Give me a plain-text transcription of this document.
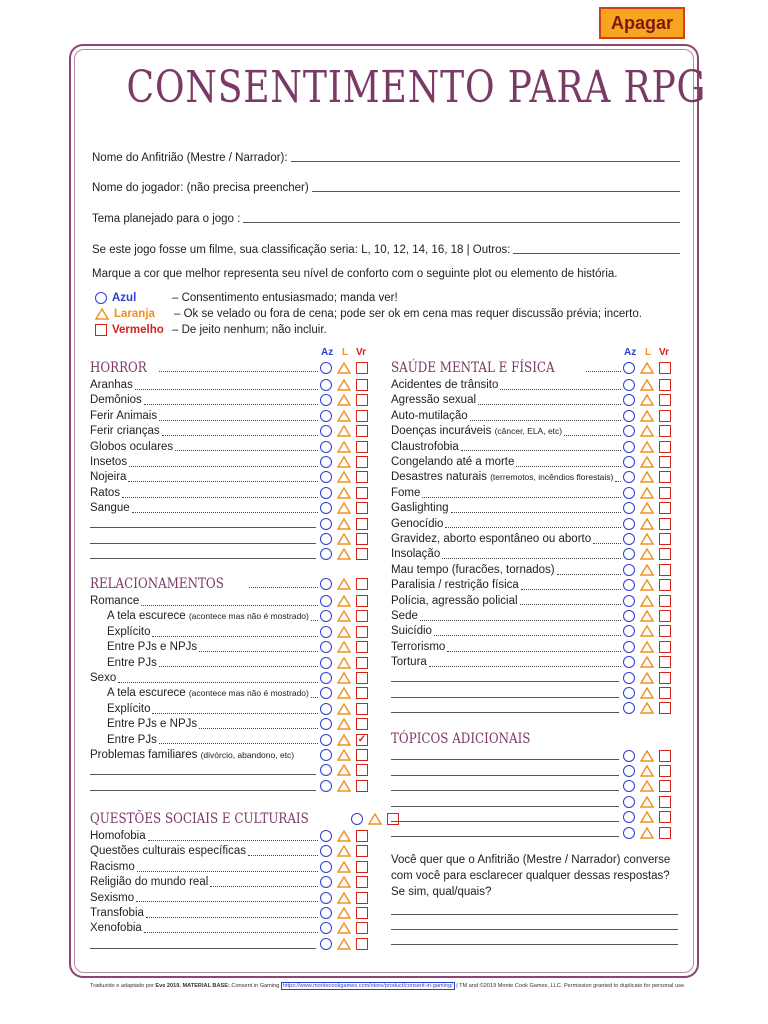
Apagar
CONSENTIMENTO PARA RPG
Nome do Anfitrião (Mestre / Narrador):
Nome do jogador: (não precisa preencher)
Tema planejado para o jogo :
Se este jogo fosse um filme, sua classificação seria: L, 10, 12, 14, 16, 18 | Outros:
Marque a cor que melhor representa seu nível de conforto com o seguinte plot ou elemento de história.
Azul	– Consentimento entusiasmado; manda ver!
Laranja	– Ok se velado ou fora de cena; pode ser ok em cena mas requer discussão prévia; incerto.
Vermelho – De jeito nenhum; não incluir.
Az L Vr
HORROR
Aranhas
Demônios
Ferir Animais
Ferir crianças
Globos oculares
Insetos
Nojeira
Ratos
Sangue
RELACIONAMENTOS
Romance
A tela escurece (acontece mas não é mostrado)
Explícito
Entre PJs e NPJs
Entre PJs
Sexo
A tela escurece (acontece mas não é mostrado)
Explícito
Entre PJs e NPJs
Entre PJs
✓
Problemas familiares (divórcio, abandono, etc)
QUESTÕES SOCIAIS E CULTURAIS
Homofobia
Questões culturais específicas
Racismo
Religião do mundo real
Sexismo
Transfobia
Xenofobia
Az L Vr
SAÚDE MENTAL E FÍSICA
Acidentes de trânsito
Agressão sexual
Auto-mutilação
Doenças incuráveis (câncer, ELA, etc)
Claustrofobia
Congelando até a morte
Desastres naturais (terremotos, incêndios florestais)
Fome
Gaslighting
Genocídio
Gravidez, aborto espontâneo ou aborto
Insolação
Mau tempo (furacões, tornados)
Paralisia / restrição física
Polícia, agressão policial
Sede
Suicídio
Terrorismo
Tortura
TÓPICOS ADICIONAIS
Você quer que o Anfitrião (Mestre / Narrador) converse com você para esclarecer qualquer dessas respostas? Se sim, qual/quais?
Traduzido e adaptado por Eve 2019. MATERIAL BASE: Consent in Gaming https://www.montecookgames.com/store/product/consent-in-gaming/ | TM and ©2019 Monte Cook Games, LLC. Permission granted to duplicate for personal use.
